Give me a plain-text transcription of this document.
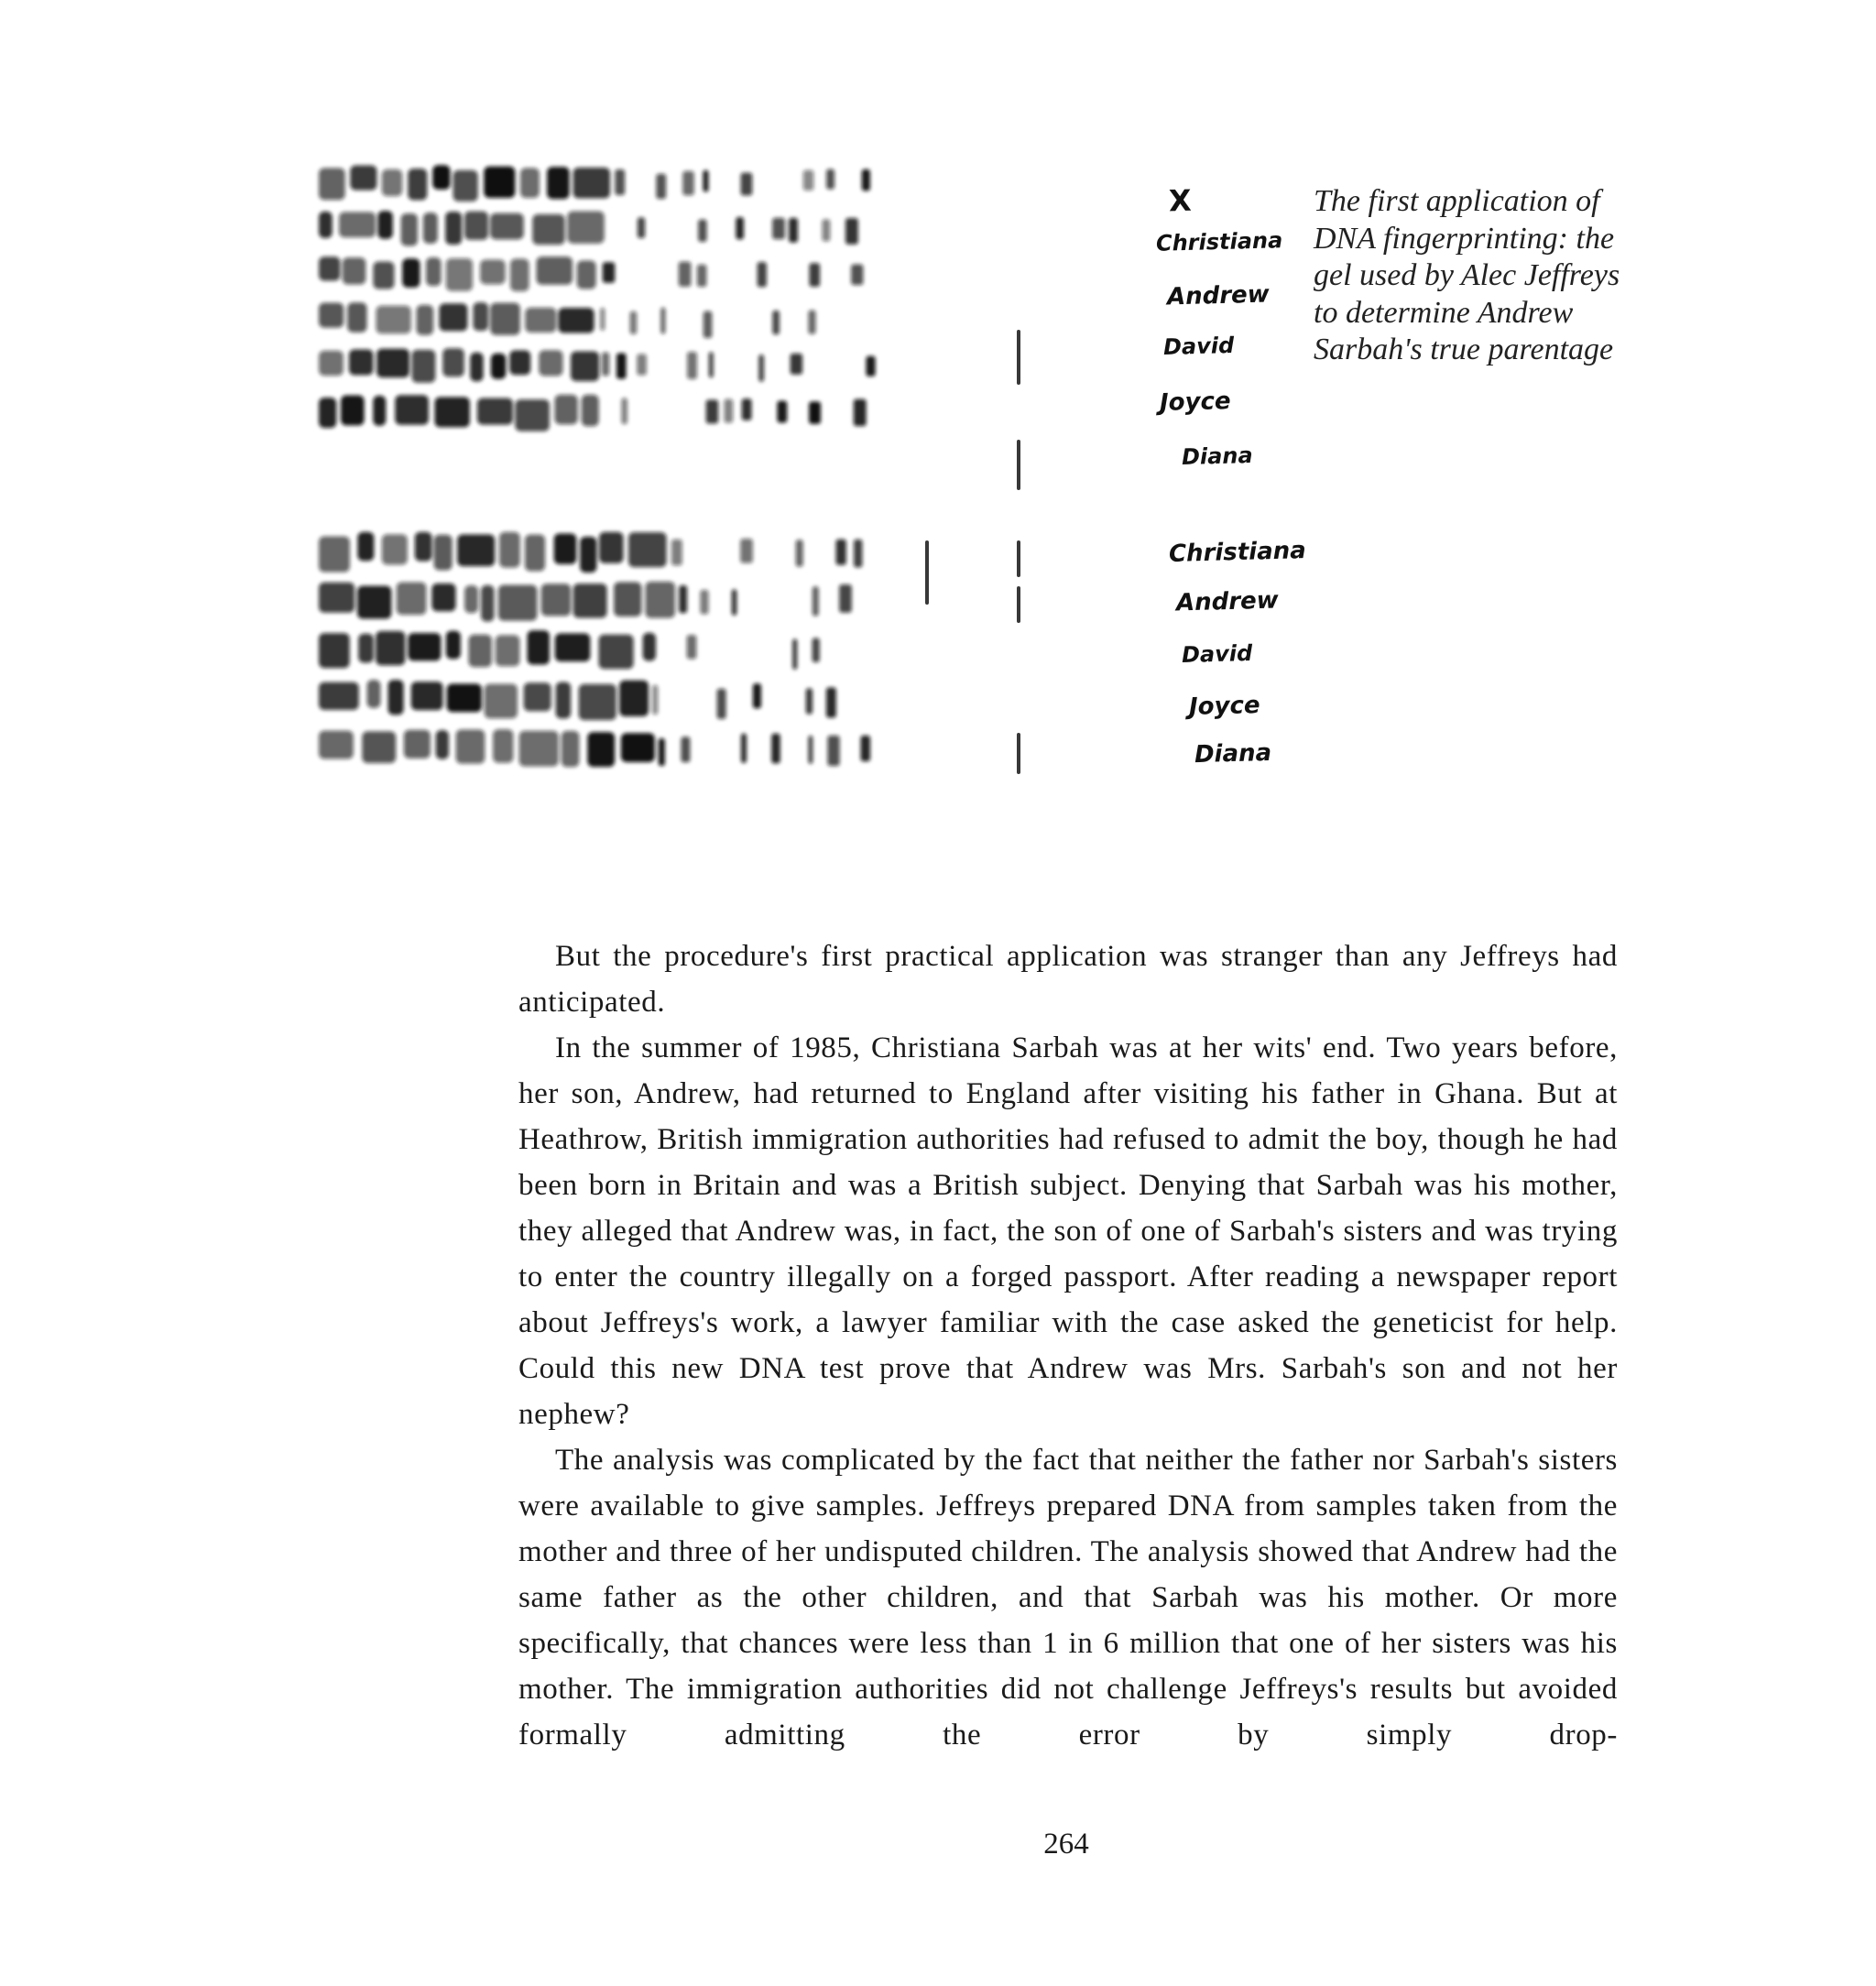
X
Christiana
Andrew
David
Joyce
Diana
Christiana
Andrew
David
Joyce
Diana
The first application of DNA fingerprinting: the gel used by Alec Jeffreys to determine Andrew Sarbah's true parentage

But the procedure's first practical application was stranger than any Jeffreys had anticipated.

In the summer of 1985, Christiana Sarbah was at her wits' end. Two years before, her son, Andrew, had returned to England after visiting his father in Ghana. But at Heathrow, British immigration authorities had refused to admit the boy, though he had been born in Britain and was a British subject. Denying that Sarbah was his mother, they alleged that Andrew was, in fact, the son of one of Sarbah's sisters and was trying to enter the country illegally on a forged passport. After reading a newspaper report about Jeffreys's work, a lawyer familiar with the case asked the geneticist for help. Could this new DNA test prove that Andrew was Mrs. Sarbah's son and not her nephew?

The analysis was complicated by the fact that neither the father nor Sarbah's sisters were available to give samples. Jeffreys prepared DNA from samples taken from the mother and three of her undisputed children. The analysis showed that Andrew had the same father as the other children, and that Sarbah was his mother. Or more specifically, that chances were less than 1 in 6 million that one of her sisters was his mother. The immigration authorities did not challenge Jeffreys's results but avoided formally admitting the error by simply drop-

264
